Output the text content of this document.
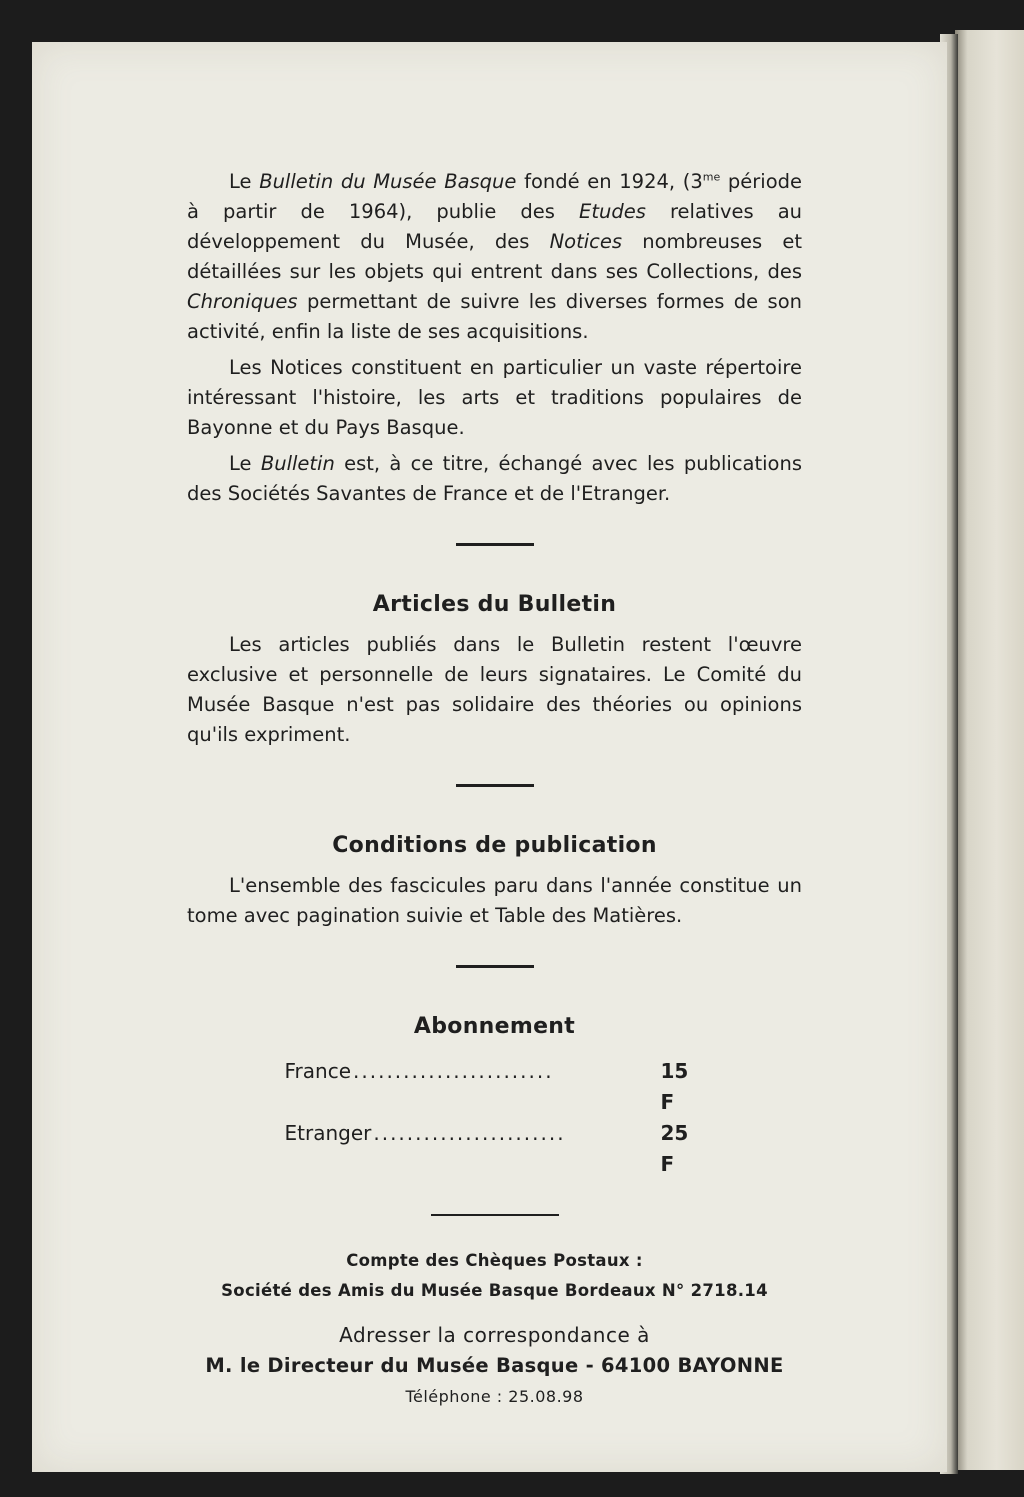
Le Bulletin du Musée Basque fondé en 1924, ($3^{me}$ période à partir de 1964), publie des Etudes relatives au développement du Musée, des Notices nombreuses et détaillées sur les objets qui entrent dans ses Collections, des Chroniques permettant de suivre les diverses formes de son activité, enfin la liste de ses acquisitions.

Les Notices constituent en particulier un vaste répertoire intéressant l'histoire, les arts et traditions populaires de Bayonne et du Pays Basque.

Le Bulletin est, à ce titre, échangé avec les publications des Sociétés Savantes de France et de l'Etranger.

Articles du Bulletin

Les articles publiés dans le Bulletin restent l'œuvre exclusive et personnelle de leurs signataires. Le Comité du Musée Basque n'est pas solidaire des théories ou opinions qu'ils expriment.

Conditions de publication

L'ensemble des fascicules paru dans l'année constitue un tome avec pagination suivie et Table des Matières.

Abonnement
France ........................	15 F
Etranger .......................	25 F
Compte des Chèques Postaux :
Société des Amis du Musée Basque Bordeaux N° 2718.14
Adresser la correspondance à
M. le Directeur du Musée Basque - 64100 BAYONNE
Téléphone : 25.08.98
